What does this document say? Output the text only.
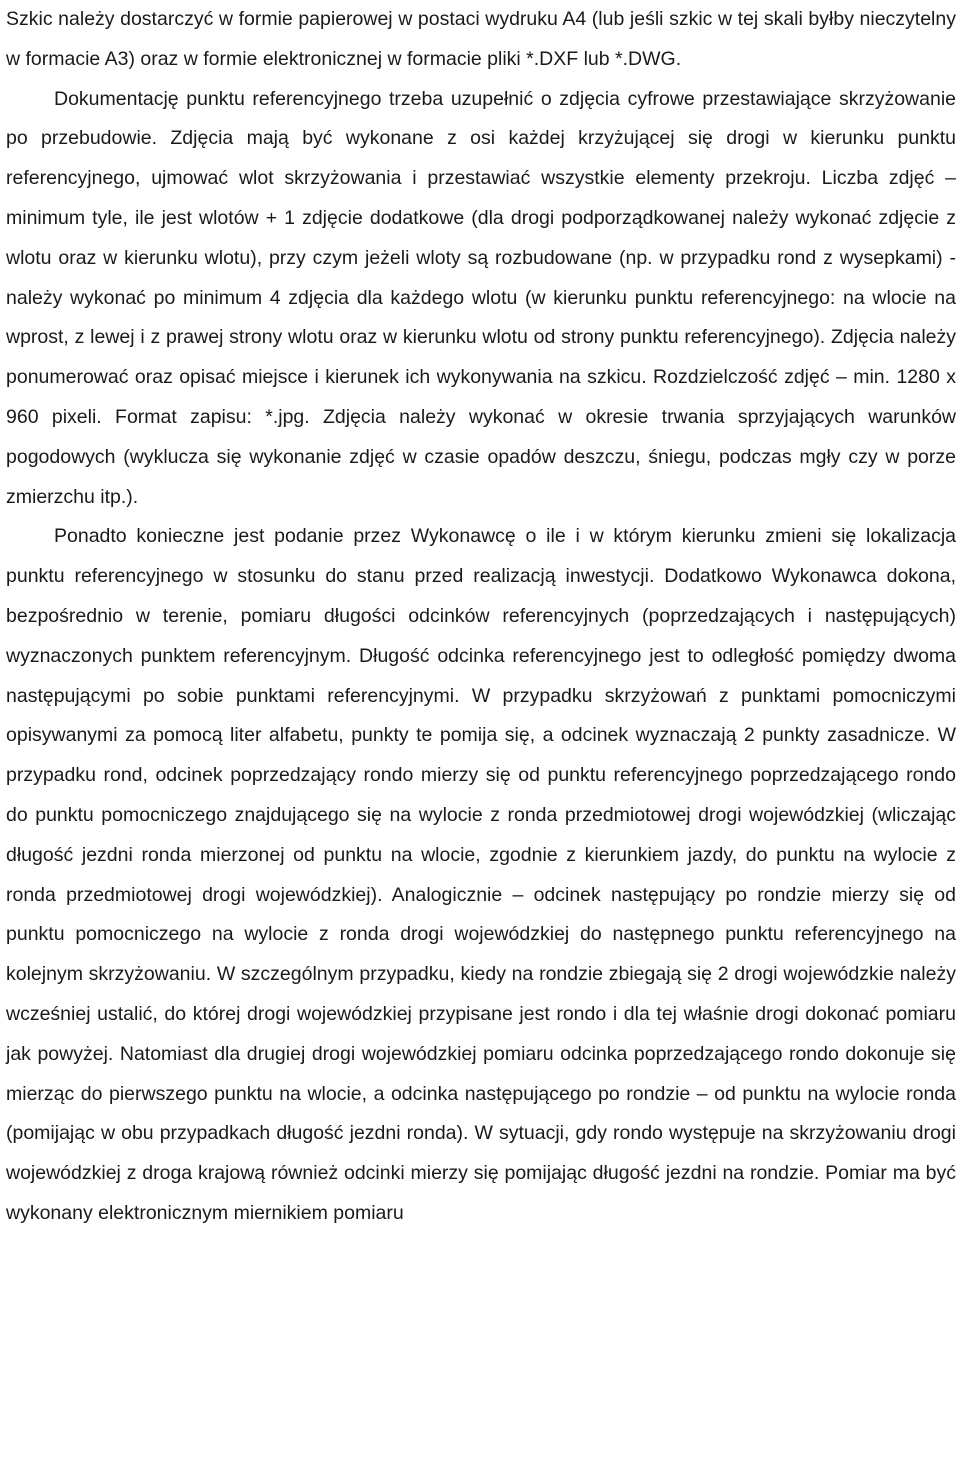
Szkic należy dostarczyć w formie papierowej w postaci wydruku A4 (lub jeśli szkic w tej skali byłby nieczytelny w formacie A3) oraz w formie elektronicznej w formacie pliki *.DXF lub *.DWG.

Dokumentację punktu referencyjnego trzeba uzupełnić o zdjęcia cyfrowe przestawiające skrzyżowanie po przebudowie. Zdjęcia mają być wykonane z osi każdej krzyżującej się drogi w kierunku punktu referencyjnego, ujmować wlot skrzyżowania i przestawiać wszystkie elementy przekroju. Liczba zdjęć – minimum tyle, ile jest wlotów + 1 zdjęcie dodatkowe (dla drogi podporządkowanej należy wykonać zdjęcie z wlotu oraz w kierunku wlotu), przy czym jeżeli wloty są rozbudowane (np. w przypadku rond z wysepkami) - należy wykonać po minimum 4 zdjęcia dla każdego wlotu (w kierunku punktu referencyjnego: na wlocie na wprost, z lewej i z prawej strony wlotu oraz w kierunku wlotu od strony punktu referencyjnego). Zdjęcia należy ponumerować oraz opisać miejsce i kierunek ich wykonywania na szkicu. Rozdzielczość zdjęć – min. 1280 x 960 pixeli. Format zapisu: *.jpg. Zdjęcia należy wykonać w okresie trwania sprzyjających warunków pogodowych (wyklucza się wykonanie zdjęć w czasie opadów deszczu, śniegu, podczas mgły czy w porze zmierzchu itp.).

Ponadto konieczne jest podanie przez Wykonawcę o ile i w którym kierunku zmieni się lokalizacja punktu referencyjnego w stosunku do stanu przed realizacją inwestycji. Dodatkowo Wykonawca dokona, bezpośrednio w terenie, pomiaru długości odcinków referencyjnych (poprzedzających i następujących) wyznaczonych punktem referencyjnym. Długość odcinka referencyjnego jest to odległość pomiędzy dwoma następującymi po sobie punktami referencyjnymi. W przypadku skrzyżowań z punktami pomocniczymi opisywanymi za pomocą liter alfabetu, punkty te pomija się, a odcinek wyznaczają 2 punkty zasadnicze. W przypadku rond, odcinek poprzedzający rondo mierzy się od punktu referencyjnego poprzedzającego rondo do punktu pomocniczego znajdującego się na wylocie z ronda przedmiotowej drogi wojewódzkiej (wliczając długość jezdni ronda mierzonej od punktu na wlocie, zgodnie z kierunkiem jazdy, do punktu na wylocie z ronda przedmiotowej drogi wojewódzkiej). Analogicznie – odcinek następujący po rondzie mierzy się od punktu pomocniczego na wylocie z ronda drogi wojewódzkiej do następnego punktu referencyjnego na kolejnym skrzyżowaniu. W szczególnym przypadku, kiedy na rondzie zbiegają się 2 drogi wojewódzkie należy wcześniej ustalić, do której drogi wojewódzkiej przypisane jest rondo i dla tej właśnie drogi dokonać pomiaru jak powyżej. Natomiast dla drugiej drogi wojewódzkiej pomiaru odcinka poprzedzającego rondo dokonuje się mierząc do pierwszego punktu na wlocie, a odcinka następującego po rondzie – od punktu na wylocie ronda (pomijając w obu przypadkach długość jezdni ronda). W sytuacji, gdy rondo występuje na skrzyżowaniu drogi wojewódzkiej z droga krajową również odcinki mierzy się pomijając długość jezdni na rondzie. Pomiar ma być wykonany elektronicznym miernikiem pomiaru
